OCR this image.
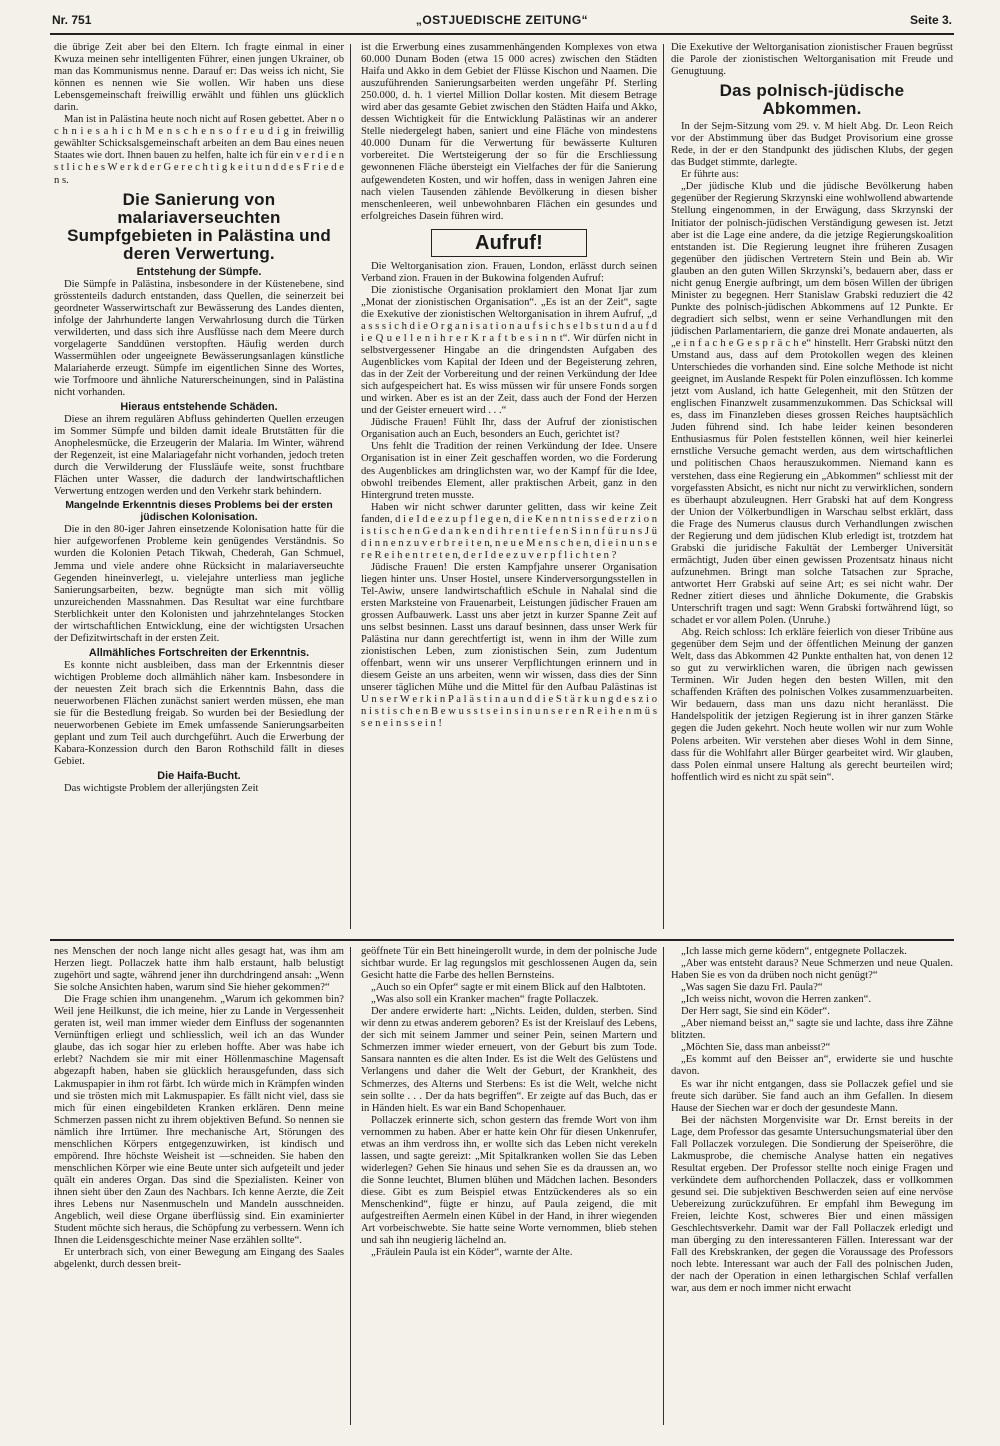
Nr. 751	„OSTJUEDISCHE ZEITUNG“	Seite 3.

die übrige Zeit aber bei den Eltern. Ich fragte einmal in einer Kwuza meinen sehr intelligenten Führer, einen jungen Ukrainer, ob man das Kommunismus nenne. Darauf er: Das weiss ich nicht, Sie können es nennen wie Sie wollen. Wir haben uns diese Lebensgemeinschaft freiwillig erwählt und fühlen uns glücklich darin.

Man ist in Palästina heute noch nicht auf Rosen gebettet. Aber n o c h n i e s a h i c h M e n s c h e n s o f r e u d i g in freiwillig gewählter Schicksalsgemeinschaft arbeiten an dem Bau eines neuen Staates wie dort. Ihnen bauen zu helfen, halte ich für ein v e r d i e n s t l i c h e s W e r k d e r G e r e c h t i g k e i t u n d d e s F r i e d e n s.

Die Sanierung von malariaverseuchten Sumpfgebieten in Palästina und deren Verwertung.
Entstehung der Sümpfe.

Die Sümpfe in Palästina, insbesondere in der Küstenebene, sind grösstenteils dadurch entstanden, dass Quellen, die seinerzeit bei geordneter Wasserwirtschaft zur Bewässerung des Landes dienten, infolge der Jahrhunderte langen Verwahrlosung durch die Türken verwilderten, und dass sich ihre Ausflüsse nach dem Meere durch vorgelagerte Sanddünen verstopften. Häufig werden durch Wassermühlen oder ungeeignete Bewässerungsanlagen künstliche Malariaherde erzeugt. Sümpfe im eigentlichen Sinne des Wortes, wie Torfmoore und ähnliche Naturerscheinungen, sind in Palästina nicht vorhanden.

Hieraus entstehende Schäden.

Diese an ihrem regulären Abfluss gehinderten Quellen erzeugen im Sommer Sümpfe und bilden damit ideale Brutstätten für die Anophelesmücke, die Erzeugerin der Malaria. Im Winter, während der Regenzeit, ist eine Malariagefahr nicht vorhanden, jedoch treten durch die Verwilderung der Flussläufe weite, sonst fruchtbare Flächen unter Wasser, die dadurch der landwirtschaftlichen Verwertung entzogen werden und den Verkehr stark behindern.

Mangelnde Erkenntnis dieses Problems bei der ersten jüdischen Kolonisation.

Die in den 80-iger Jahren einsetzende Kolonisation hatte für die hier aufgeworfenen Probleme kein genügendes Verständnis. So wurden die Kolonien Petach Tikwah, Chederah, Gan Schmuel, Jemma und viele andere ohne Rücksicht in malariaverseuchte Gegenden hineinverlegt, u. vielejahre unterliess man jegliche Sanierungsarbeiten, bezw. begnügte man sich mit völlig unzureichenden Massnahmen. Das Resultat war eine furchtbare Sterblichkeit unter den Kolonisten und jahrzehntelanges Stocken der wirtschaftlichen Entwicklung, eine der wichtigsten Ursachen der Defizitwirtschaft in der ersten Zeit.

Allmähliches Fortschreiten der Erkenntnis.

Es konnte nicht ausbleiben, dass man der Erkenntnis dieser wichtigen Probleme doch allmählich näher kam. Insbesondere in der neuesten Zeit brach sich die Erkenntnis Bahn, dass die neuerworbenen Flächen zunächst saniert werden müssen, ehe man sie für die Bestedlung freigab. So wurden bei der Besiedlung der neuerworbenen Gebiete im Emek umfassende Sanierungsarbeiten geplant und zum Teil auch durchgeführt. Auch die Erwerbung der Kabara-Konzession durch den Baron Rothschild fällt in dieses Gebiet.

Die Haifa-Bucht.

Das wichtigste Problem der allerjüngsten Zeit

ist die Erwerbung eines zusammenhängenden Komplexes von etwa 60.000 Dunam Boden (etwa 15 000 acres) zwischen den Städten Haifa und Akko in dem Gebiet der Flüsse Kischon und Naamen. Die auszuführenden Sanierungsarbeiten werden ungefähr Pf. Sterling 250.000, d. h. 1 viertel Million Dollar kosten. Mit diesem Betrage wird aber das gesamte Gebiet zwischen den Städten Haifa und Akko, dessen Wichtigkeit für die Entwicklung Palästinas wir an anderer Stelle niedergelegt haben, saniert und eine Fläche von mindestens 40.000 Dunam für die Verwertung für bewässerte Kulturen vorbereitet. Die Wertsteigerung der so für die Erschliessung gewonnenen Fläche übersteigt ein Vielfaches der für die Sanierung aufgewendeten Kosten, und wir hoffen, dass in wenigen Jahren eine nach vielen Tausenden zählende Bevölkerung in diesen bisher menschenleeren, weil unbewohnbaren Flächen ein gesundes und erfolgreiches Dasein führen wird.

Aufruf!

Die Weltorganisation zion. Frauen, London, erlässt durch seinen Verband zion. Frauen in der Bukowina folgenden Aufruf:

Die zionistische Organisation proklamiert den Monat Ijar zum „Monat der zionistischen Organisation“. „Es ist an der Zeit“, sagte die Exekutive der zionistischen Weltorganisation in ihrem Aufruf, „d a s s s i c h d i e O r g a n i s a t i o n a u f s i c h s e l b s t u n d a u f d i e Q u e l l e n i h r e r K r a f t b e s i n n t“. Wir dürfen nicht in selbstvergessener Hingabe an die dringendsten Aufgaben des Augenblickes vom Kapital der Ideen und der Begeisterung zehren, das in der Zeit der Vorbereitung und der reinen Verkündung der Idee sich aufgespeichert hat. Es wiss müssen wir für unsere Fonds sorgen und wirken. Aber es ist an der Zeit, dass auch der Fond der Herzen und der Geister erneuert wird . . .“

Jüdische Frauen! Fühlt Ihr, dass der Aufruf der zionistischen Organisation auch an Euch, besonders an Euch, gerichtet ist?

Uns fehlt die Tradition der reinen Verkündung der Idee. Unsere Organisation ist in einer Zeit geschaffen worden, wo die Forderung des Augenblickes am dringlichsten war, wo der Kampf für die Idee, obwohl treibendes Element, aller praktischen Arbeit, ganz in den Hintergrund treten musste.

Haben wir nicht schwer darunter gelitten, dass wir keine Zeit fanden, d i e I d e e z u p f l e g e n, d i e K e n n t n i s s e d e r z i o n i s t i s c h e n G e d a n k e n d i h r e n t i e f e n S i n n f ü r u n s J ü d i n n e n z u v e r b r e i t e n, n e u e M e n s c h e n, d i e i n u n s e r e R e i h e n t r e t e n, d e r I d e e z u v e r p f l i c h t e n ?

Jüdische Frauen! Die ersten Kampfjahre unserer Organisation liegen hinter uns. Unser Hostel, unsere Kinderversorgungsstellen in Tel-Awiw, unsere landwirtschaftlich eSchule in Nahalal sind die ersten Marksteine von Frauenarbeit, Leistungen jüdischer Frauen am grossen Aufbauwerk. Lasst uns aber jetzt in kurzer Spanne Zeit auf uns selbst besinnen. Lasst uns darauf besinnen, dass unser Werk für Palästina nur dann gerechtfertigt ist, wenn in ihm der Wille zum zionistischen Leben, zum zionistischen Sein, zum Judentum offenbart, wenn wir uns unserer Verpflichtungen erinnern und in diesem Geiste an uns arbeiten, wenn wir wissen, dass dies der Sinn unserer täglichen Mühe und die Mittel für den Aufbau Palästinas ist U n s e r W e r k i n P a l ä s t i n a u n d d i e S t ä r k u n g d e s z i o n i s t i s c h e n B e w u s s t s e i n s i n u n s e r e n R e i h e n m ü s s e n e i n s s e i n !

Die Exekutive der Weltorganisation zionistischer Frauen begrüsst die Parole der zionistischen Weltorganisation mit Freude und Genugtuung.

Das polnisch-jüdische Abkommen.

In der Sejm-Sitzung vom 29. v. M hielt Abg. Dr. Leon Reich vor der Abstimmung über das Budget Provisorium eine grosse Rede, in der er den Standpunkt des jüdischen Klubs, der gegen das Budget stimmte, darlegte.

Er führte aus:

„Der jüdische Klub und die jüdische Bevölkerung haben gegenüber der Regierung Skrzynski eine wohlwollend abwartende Stellung eingenommen, in der Erwägung, dass Skrzynski der Initiator der polnisch-jüdischen Verständigung gewesen ist. Jetzt aber ist die Lage eine andere, da die jetzige Regierungskoalition entstanden ist. Die Regierung leugnet ihre früheren Zusagen gegenüber den jüdischen Vertretern Stein und Bein ab. Wir glauben an den guten Willen Skrzynski’s, bedauern aber, dass er nicht genug Energie aufbringt, um dem bösen Willen der übrigen Minister zu begegnen. Herr Stanislaw Grabski reduziert die 42 Punkte des polnisch-jüdischen Abkommens auf 12 Punkte. Er degradiert sich selbst, wenn er seine Verhandlungen mit den jüdischen Parlamentariern, die ganze drei Monate andauerten, als „e i n f a c h e G e s p r ä c h e“ hinstellt. Herr Grabski nützt den Umstand aus, dass auf dem Protokollen wegen des kleinen Unterschiedes die vorhanden sind. Eine solche Methode ist nicht geeignet, im Auslande Respekt für Polen einzuflössen. Ich komme jetzt vom Ausland, ich hatte Gelegenheit, mit den Stützen der englischen Finanzwelt zusammenzukommen. Das Schicksal will es, dass im Finanzleben dieses grossen Reiches hauptsächlich Juden führend sind. Ich habe leider keinen besonderen Enthusiasmus für Polen feststellen können, weil hier keinerlei ernstliche Versuche gemacht werden, aus dem wirtschaftlichen und politischen Chaos herauszukommen. Niemand kann es verstehen, dass eine Regierung ein „Abkommen“ schliesst mit der vorgefassten Absicht, es nicht nur nicht zu verwirklichen, sondern es überhaupt abzuleugnen. Herr Grabski hat auf dem Kongress der Union der Völkerbundligen in Warschau selbst erklärt, dass die Frage des Numerus clausus durch Verhandlungen zwischen der Regierung und dem jüdischen Klub erledigt ist, trotzdem hat Grabski die juridische Fakultät der Lemberger Universität ermächtigt, Juden über einen gewissen Prozentsatz hinaus nicht aufzunehmen. Bringt man solche Tatsachen zur Sprache, antwortet Herr Grabski auf seine Art; es sei nicht wahr. Der Redner zitiert dieses und ähnliche Dokumente, die Grabskis Unterschrift tragen und sagt: Wenn Grabski fortwährend lügt, so schadet er vor allem Polen. (Unruhe.)

Abg. Reich schloss: Ich erkläre feierlich von dieser Tribüne aus gegenüber dem Sejm und der öffentlichen Meinung der ganzen Welt, dass das Abkommen 42 Punkte enthalten hat, von denen 12 so gut zu verwirklichen waren, die übrigen nach gewissen Terminen. Wir Juden hegen den besten Willen, mit den schaffenden Kräften des polnischen Volkes zusammenzuarbeiten. Wir bedauern, dass man uns dazu nicht heranlässt. Die Handelspolitik der jetzigen Regierung ist in ihrer ganzen Stärke gegen die Juden gekehrt. Noch heute wollen wir nur zum Wohle Polens arbeiten. Wir verstehen aber dieses Wohl in dem Sinne, dass für die Wohlfahrt aller Bürger gearbeitet wird. Wir glauben, dass Polen einmal unsere Haltung als gerecht beurteilen wird; hoffentlich wird es nicht zu spät sein“.

nes Menschen der noch lange nicht alles gesagt hat, was ihm am Herzen liegt. Pollaczek hatte ihm halb erstaunt, halb belustigt zugehört und sagte, während jener ihn durchdringend ansah: „Wenn Sie solche Ansichten haben, warum sind Sie hieher gekommen?“

Die Frage schien ihm unangenehm. „Warum ich gekommen bin? Weil jene Heilkunst, die ich meine, hier zu Lande in Vergessenheit geraten ist, weil man immer wieder dem Einfluss der sogenannten Vernünftigen erliegt und schliesslich, weil ich an das Wunder glaube, das ich sogar hier zu erleben hoffte. Aber was habe ich erlebt? Nachdem sie mir mit einer Höllenmaschine Magensaft abgezapft haben, haben sie glücklich herausgefunden, dass sich Lakmuspapier in ihm rot färbt. Ich würde mich in Krämpfen winden und sie trösten mich mit Lakmuspapier. Es fällt nicht viel, dass sie mich für einen eingebildeten Kranken erklären. Denn meine Schmerzen passen nicht zu ihrem objektiven Befund. So nennen sie nämlich ihre Irrtümer. Ihre mechanische Art, Störungen des menschlichen Körpers entgegenzuwirken, ist kindisch und empörend. Ihre höchste Weisheit ist —schneiden. Sie haben den menschlichen Körper wie eine Beute unter sich aufgeteilt und jeder quält ein anderes Organ. Das sind die Spezialisten. Keiner von ihnen sieht über den Zaun des Nachbars. Ich kenne Aerzte, die Zeit ihres Lebens nur Nasenmuscheln und Mandeln ausschneiden. Angeblich, weil diese Organe überflüssig sind. Ein examinierter Student möchte sich heraus, die Schöpfung zu verbessern. Wenn ich Ihnen die Leidensgeschichte meiner Nase erzählen sollte“.

Er unterbrach sich, von einer Bewegung am Eingang des Saales abgelenkt, durch dessen breit-

geöffnete Tür ein Bett hineingerollt wurde, in dem der polnische Jude sichtbar wurde. Er lag regungslos mit geschlossenen Augen da, sein Gesicht hatte die Farbe des hellen Bernsteins.

„Auch so ein Opfer“ sagte er mit einem Blick auf den Halbtoten.

„Was also soll ein Kranker machen“ fragte Pollaczek.

Der andere erwiderte hart: „Nichts. Leiden, dulden, sterben. Sind wir denn zu etwas anderem geboren? Es ist der Kreislauf des Lebens, der sich mit seinem Jammer und seiner Pein, seinen Martern und Schmerzen immer wieder erneuert, von der Geburt bis zum Tode. Sansara nannten es die alten Inder. Es ist die Welt des Gelüstens und Verlangens und daher die Welt der Geburt, der Krankheit, des Schmerzes, des Alterns und Sterbens: Es ist die Welt, welche nicht sein sollte . . . Der da hats begriffen“. Er zeigte auf das Buch, das er in Händen hielt. Es war ein Band Schopenhauer.

Pollaczek erinnerte sich, schon gestern das fremde Wort von ihm vernommen zu haben. Aber er hatte kein Ohr für diesen Unkenrufer, etwas an ihm verdross ihn, er wollte sich das Leben nicht verekeln lassen, und sagte gereizt: „Mit Spitalkranken wollen Sie das Leben widerlegen? Gehen Sie hinaus und sehen Sie es da draussen an, wo die Sonne leuchtet, Blumen blühen und Mädchen lachen. Besonders diese. Gibt es zum Beispiel etwas Entzückenderes als so ein Menschenkind“, fügte er hinzu, auf Paula zeigend, die mit aufgestreiften Aermeln einen Kübel in der Hand, in ihrer wiegenden Art vorbeischwebte. Sie hatte seine Worte vernommen, blieb stehen und sah ihn neugierig lächelnd an.

„Fräulein Paula ist ein Köder“, warnte der Alte.

„Ich lasse mich gerne ködern“, entgegnete Pollaczek.

„Aber was entsteht daraus? Neue Schmerzen und neue Qualen. Haben Sie es von da drüben noch nicht genügt?“

„Was sagen Sie dazu Frl. Paula?“

„Ich weiss nicht, wovon die Herren zanken“.

Der Herr sagt, Sie sind ein Köder“.

„Aber niemand beisst an,“ sagte sie und lachte, dass ihre Zähne blitzten.

„Möchten Sie, dass man anbeisst?“

„Es kommt auf den Beisser an“, erwiderte sie und huschte davon.

Es war ihr nicht entgangen, dass sie Pollaczek gefiel und sie freute sich darüber. Sie fand auch an ihm Gefallen. In diesem Hause der Siechen war er doch der gesundeste Mann.

Bei der nächsten Morgenvisite war Dr. Ernst bereits in der Lage, dem Professor das gesamte Untersuchungsmaterial über den Fall Pollaczek vorzulegen. Die Sondierung der Speiseröhre, die Lakmusprobe, die chemische Analyse hatten ein negatives Resultat ergeben. Der Professor stellte noch einige Fragen und verkündete dem aufhorchenden Pollaczek, dass er vollkommen gesund sei. Die subjektiven Beschwerden seien auf eine nervöse Uebereizung zurückzuführen. Er empfahl ihm Bewegung im Freien, leichte Kost, schweres Bier und einen mässigen Geschlechtsverkehr. Damit war der Fall Pollaczek erledigt und man überging zu den interessanteren Fällen. Interessant war der Fall des Krebskranken, der gegen die Voraussage des Professors noch lebte. Interessant war auch der Fall des polnischen Juden, der nach der Operation in einen lethargischen Schlaf verfallen war, aus dem er noch immer nicht erwacht
